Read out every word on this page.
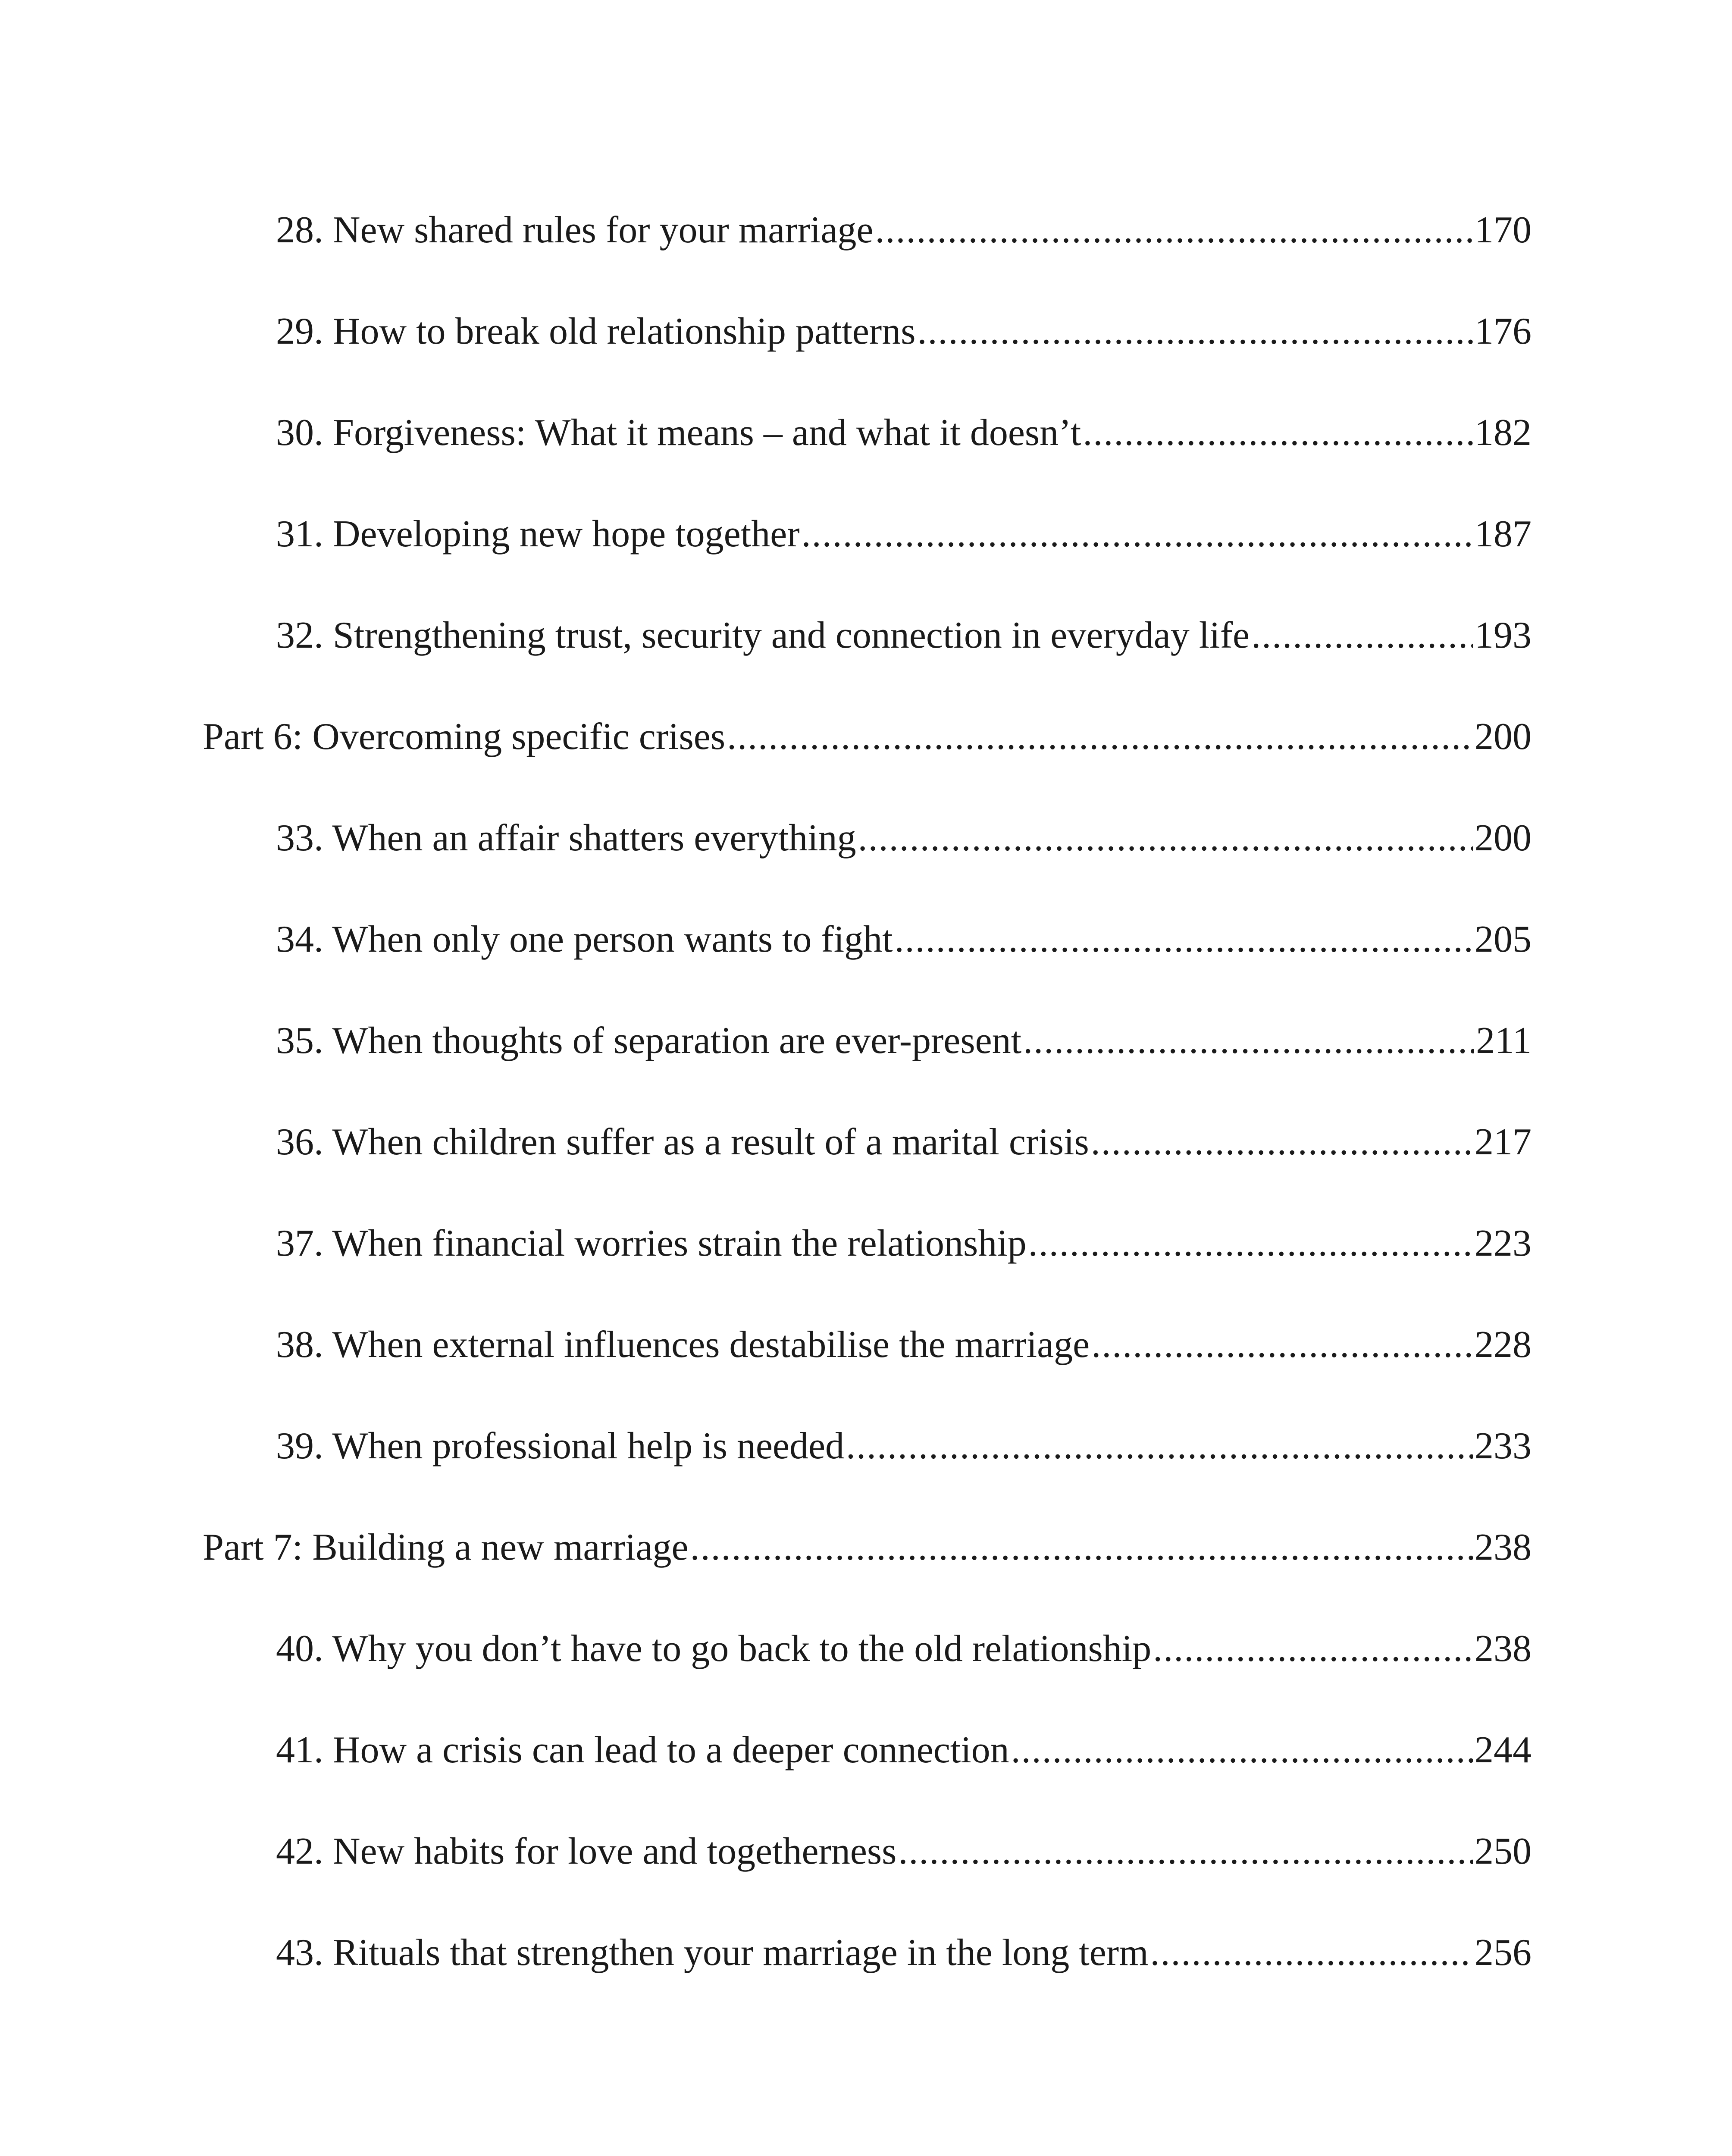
28. New shared rules for your marriage .....	170
29. How to break old relationship patterns .....	176
30. Forgiveness: What it means – and what it doesn’t .....	182
31. Developing new hope together .....	187
32. Strengthening trust, security and connection in everyday life .....	193
Part 6: Overcoming specific crises .....	200
33. When an affair shatters everything .....	200
34. When only one person wants to fight .....	205
35. When thoughts of separation are ever-present .....	211
36. When children suffer as a result of a marital crisis .....	217
37. When financial worries strain the relationship .....	223
38. When external influences destabilise the marriage .....	228
39. When professional help is needed .....	233
Part 7: Building a new marriage .....	238
40. Why you don’t have to go back to the old relationship .....	238
41. How a crisis can lead to a deeper connection .....	244
42. New habits for love and togetherness .....	250
43. Rituals that strengthen your marriage in the long term .....	256
